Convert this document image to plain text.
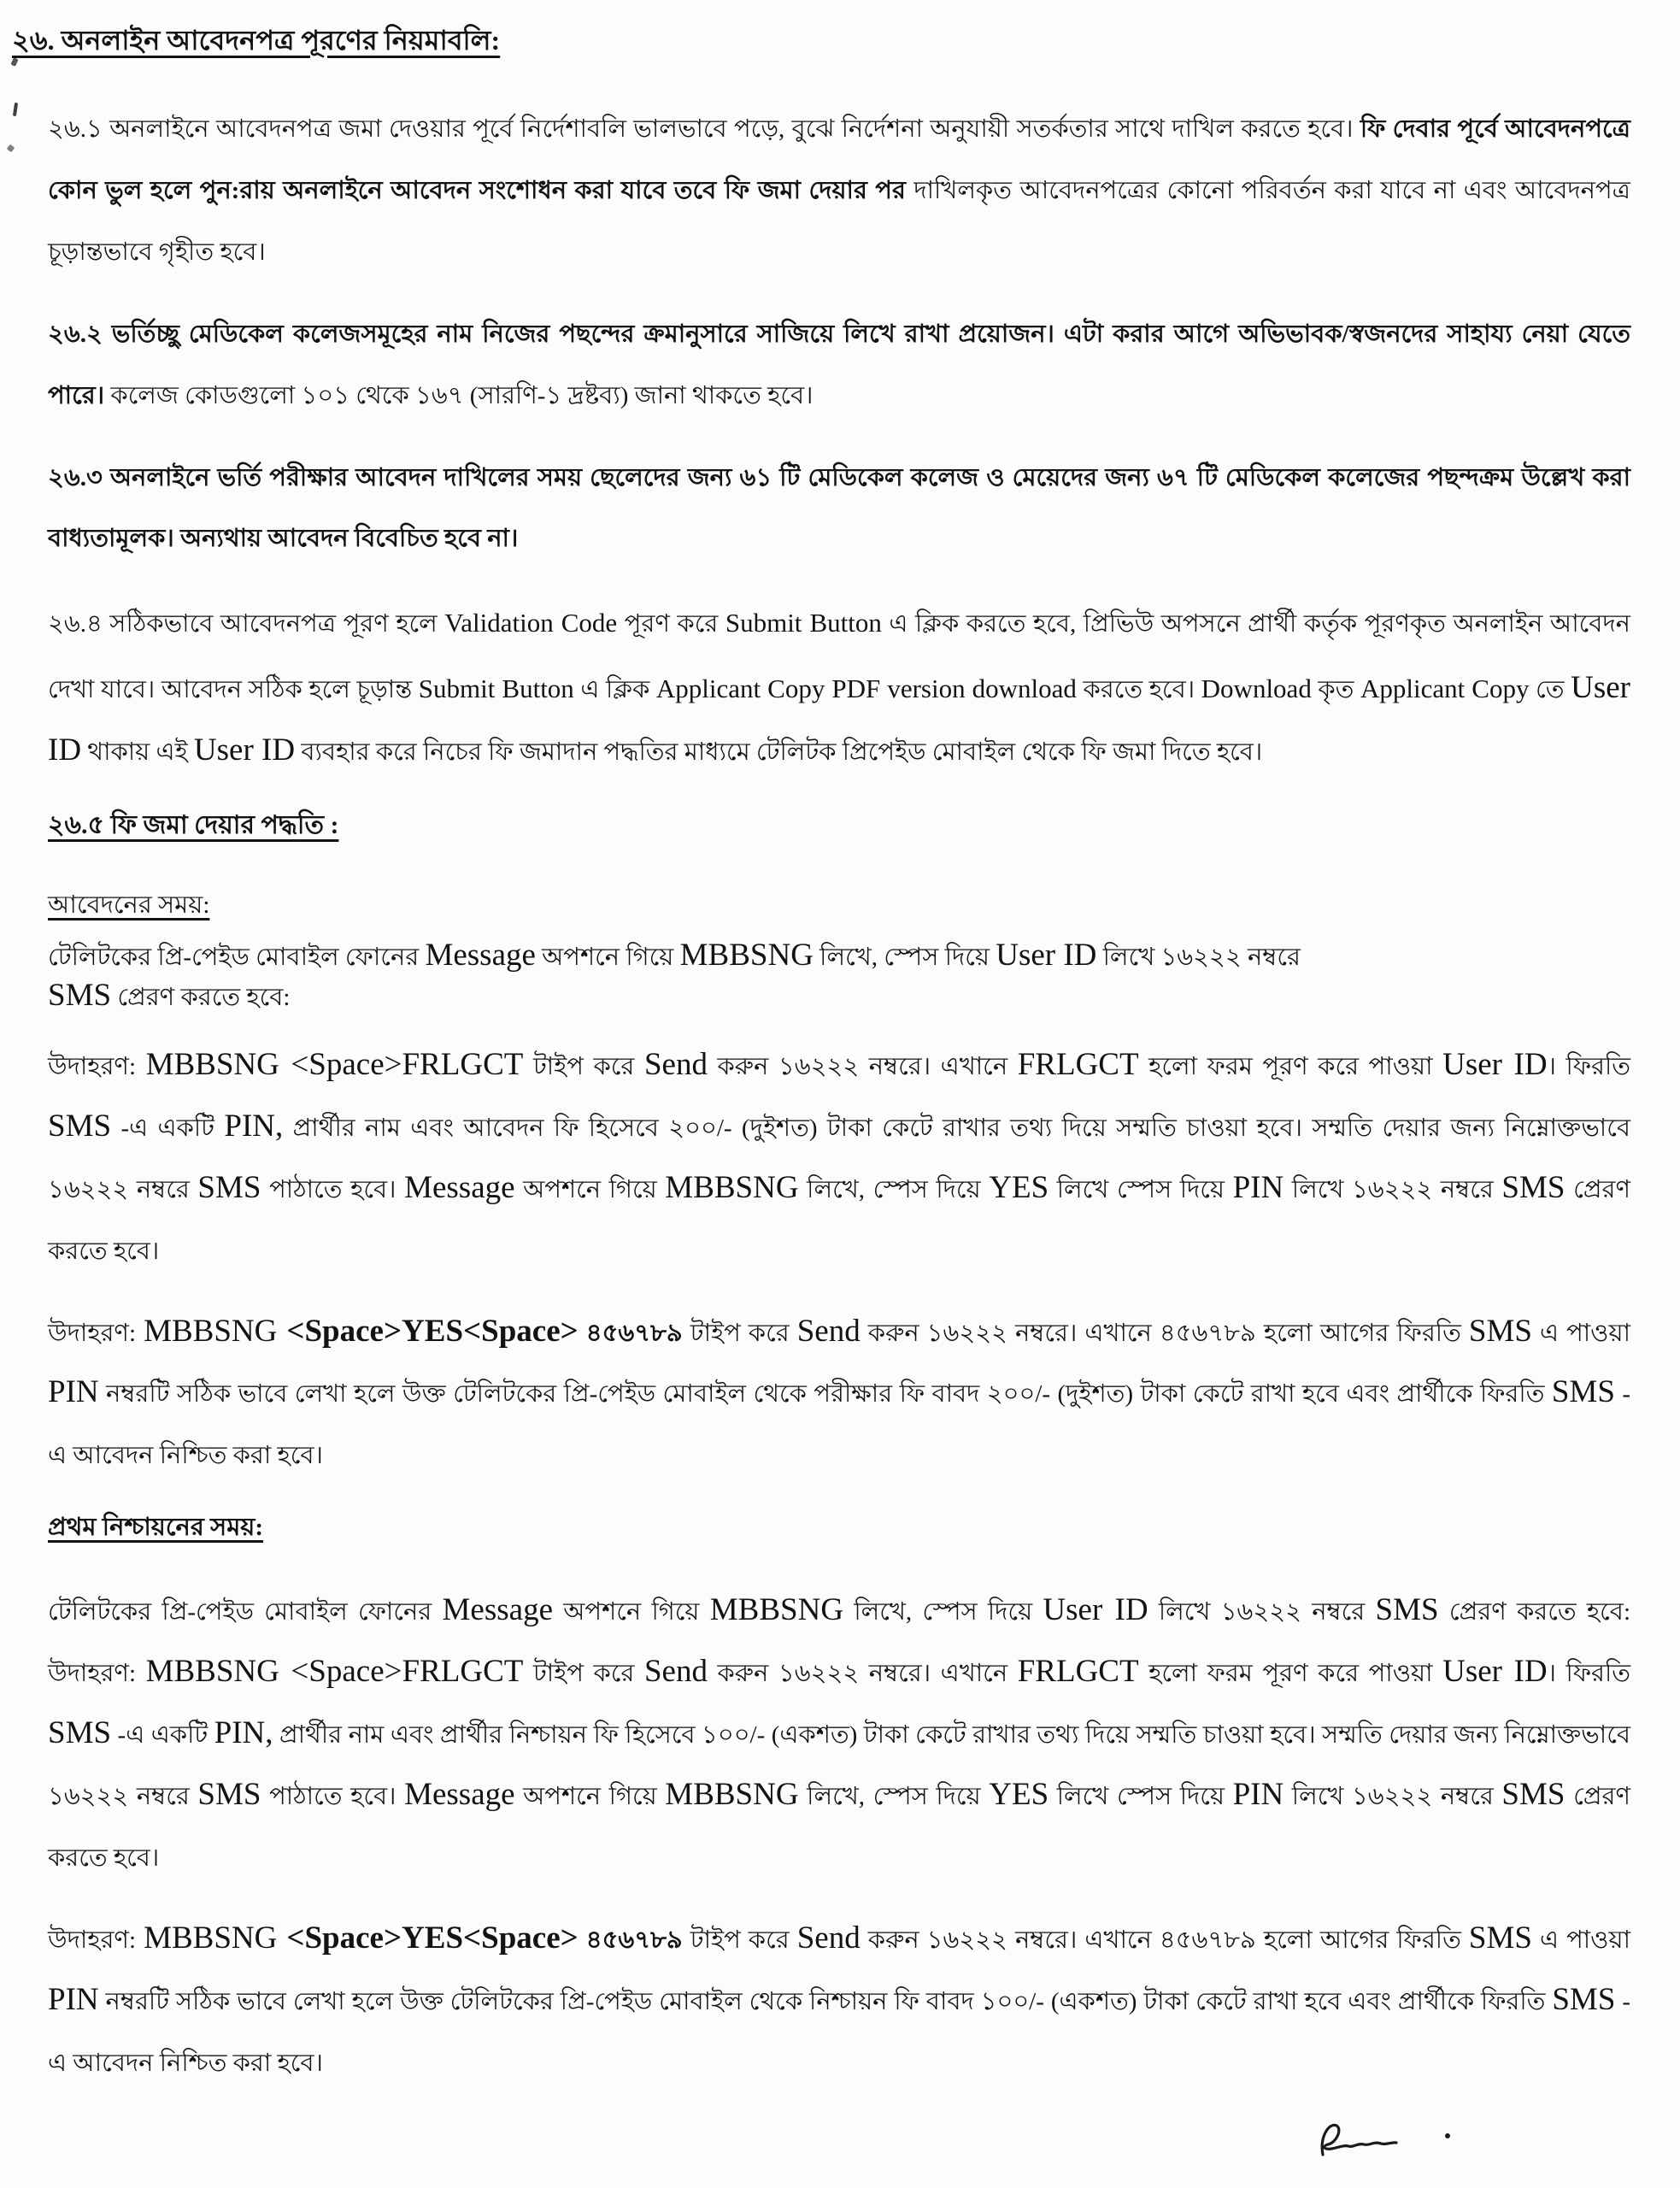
২৬. অনলাইন আবেদনপত্র পূরণের নিয়মাবলি:

২৬.১ অনলাইনে আবেদনপত্র জমা দেওয়ার পূর্বে নির্দেশাবলি ভালভাবে পড়ে, বুঝে নির্দেশনা অনুযায়ী সতর্কতার সাথে দাখিল করতে হবে। ফি দেবার পূর্বে আবেদনপত্রে কোন ভুল হলে পুন:রায় অনলাইনে আবেদন সংশোধন করা যাবে তবে ফি জমা দেয়ার পর দাখিলকৃত আবেদনপত্রের কোনো পরিবর্তন করা যাবে না এবং আবেদনপত্র চূড়ান্তভাবে গৃহীত হবে।

২৬.২ ভর্তিচ্ছু মেডিকেল কলেজসমূহের নাম নিজের পছন্দের ক্রমানুসারে সাজিয়ে লিখে রাখা প্রয়োজন। এটা করার আগে অভিভাবক/স্বজনদের সাহায্য নেয়া যেতে পারে। কলেজ কোডগুলো ১০১ থেকে ১৬৭ (সারণি-১ দ্রষ্টব্য) জানা থাকতে হবে।

২৬.৩ অনলাইনে ভর্তি পরীক্ষার আবেদন দাখিলের সময় ছেলেদের জন্য ৬১ টি মেডিকেল কলেজ ও মেয়েদের জন্য ৬৭ টি মেডিকেল কলেজের পছন্দক্রম উল্লেখ করা বাধ্যতামূলক। অন্যথায় আবেদন বিবেচিত হবে না।

২৬.৪ সঠিকভাবে আবেদনপত্র পূরণ হলে Validation Code পূরণ করে Submit Button এ ক্লিক করতে হবে, প্রিভিউ অপসনে প্রার্থী কর্তৃক পূরণকৃত অনলাইন আবেদন দেখা যাবে। আবেদন সঠিক হলে চূড়ান্ত Submit Button এ ক্লিক Applicant Copy PDF version download করতে হবে। Download কৃত Applicant Copy তে User ID থাকায় এই User ID ব্যবহার করে নিচের ফি জমাদান পদ্ধতির মাধ্যমে টেলিটক প্রিপেইড মোবাইল থেকে ফি জমা দিতে হবে।

২৬.৫ ফি জমা দেয়ার পদ্ধতি :
আবেদনের সময়:

টেলিটকের প্রি-পেইড মোবাইল ফোনের Message অপশনে গিয়ে MBBSNG লিখে, স্পেস দিয়ে User ID লিখে ১৬২২২ নম্বরে SMS প্রেরণ করতে হবে:

উদাহরণ: MBBSNG <Space>FRLGCT টাইপ করে Send করুন ১৬২২২ নম্বরে। এখানে FRLGCT হলো ফরম পূরণ করে পাওয়া User ID। ফিরতি SMS -এ একটি PIN, প্রার্থীর নাম এবং আবেদন ফি হিসেবে ২০০/- (দুইশত) টাকা কেটে রাখার তথ্য দিয়ে সম্মতি চাওয়া হবে। সম্মতি দেয়ার জন্য নিম্নোক্তভাবে ১৬২২২ নম্বরে SMS পাঠাতে হবে। Message অপশনে গিয়ে MBBSNG লিখে, স্পেস দিয়ে YES লিখে স্পেস দিয়ে PIN লিখে ১৬২২২ নম্বরে SMS প্রেরণ করতে হবে।

উদাহরণ: MBBSNG <Space>YES<Space> ৪৫৬৭৮৯ টাইপ করে Send করুন ১৬২২২ নম্বরে। এখানে ৪৫৬৭৮৯ হলো আগের ফিরতি SMS এ পাওয়া PIN নম্বরটি সঠিক ভাবে লেখা হলে উক্ত টেলিটকের প্রি-পেইড মোবাইল থেকে পরীক্ষার ফি বাবদ ২০০/- (দুইশত) টাকা কেটে রাখা হবে এবং প্রার্থীকে ফিরতি SMS - এ আবেদন নিশ্চিত করা হবে।

প্রথম নিশ্চায়নের সময়:

টেলিটকের প্রি-পেইড মোবাইল ফোনের Message অপশনে গিয়ে MBBSNG লিখে, স্পেস দিয়ে User ID লিখে ১৬২২২ নম্বরে SMS প্রেরণ করতে হবে: উদাহরণ: MBBSNG <Space>FRLGCT টাইপ করে Send করুন ১৬২২২ নম্বরে। এখানে FRLGCT হলো ফরম পূরণ করে পাওয়া User ID। ফিরতি SMS -এ একটি PIN, প্রার্থীর নাম এবং প্রার্থীর নিশ্চায়ন ফি হিসেবে ১০০/- (একশত) টাকা কেটে রাখার তথ্য দিয়ে সম্মতি চাওয়া হবে। সম্মতি দেয়ার জন্য নিম্নোক্তভাবে ১৬২২২ নম্বরে SMS পাঠাতে হবে। Message অপশনে গিয়ে MBBSNG লিখে, স্পেস দিয়ে YES লিখে স্পেস দিয়ে PIN লিখে ১৬২২২ নম্বরে SMS প্রেরণ করতে হবে।

উদাহরণ: MBBSNG <Space>YES<Space> ৪৫৬৭৮৯ টাইপ করে Send করুন ১৬২২২ নম্বরে। এখানে ৪৫৬৭৮৯ হলো আগের ফিরতি SMS এ পাওয়া PIN নম্বরটি সঠিক ভাবে লেখা হলে উক্ত টেলিটকের প্রি-পেইড মোবাইল থেকে নিশ্চায়ন ফি বাবদ ১০০/- (একশত) টাকা কেটে রাখা হবে এবং প্রার্থীকে ফিরতি SMS - এ আবেদন নিশ্চিত করা হবে।
